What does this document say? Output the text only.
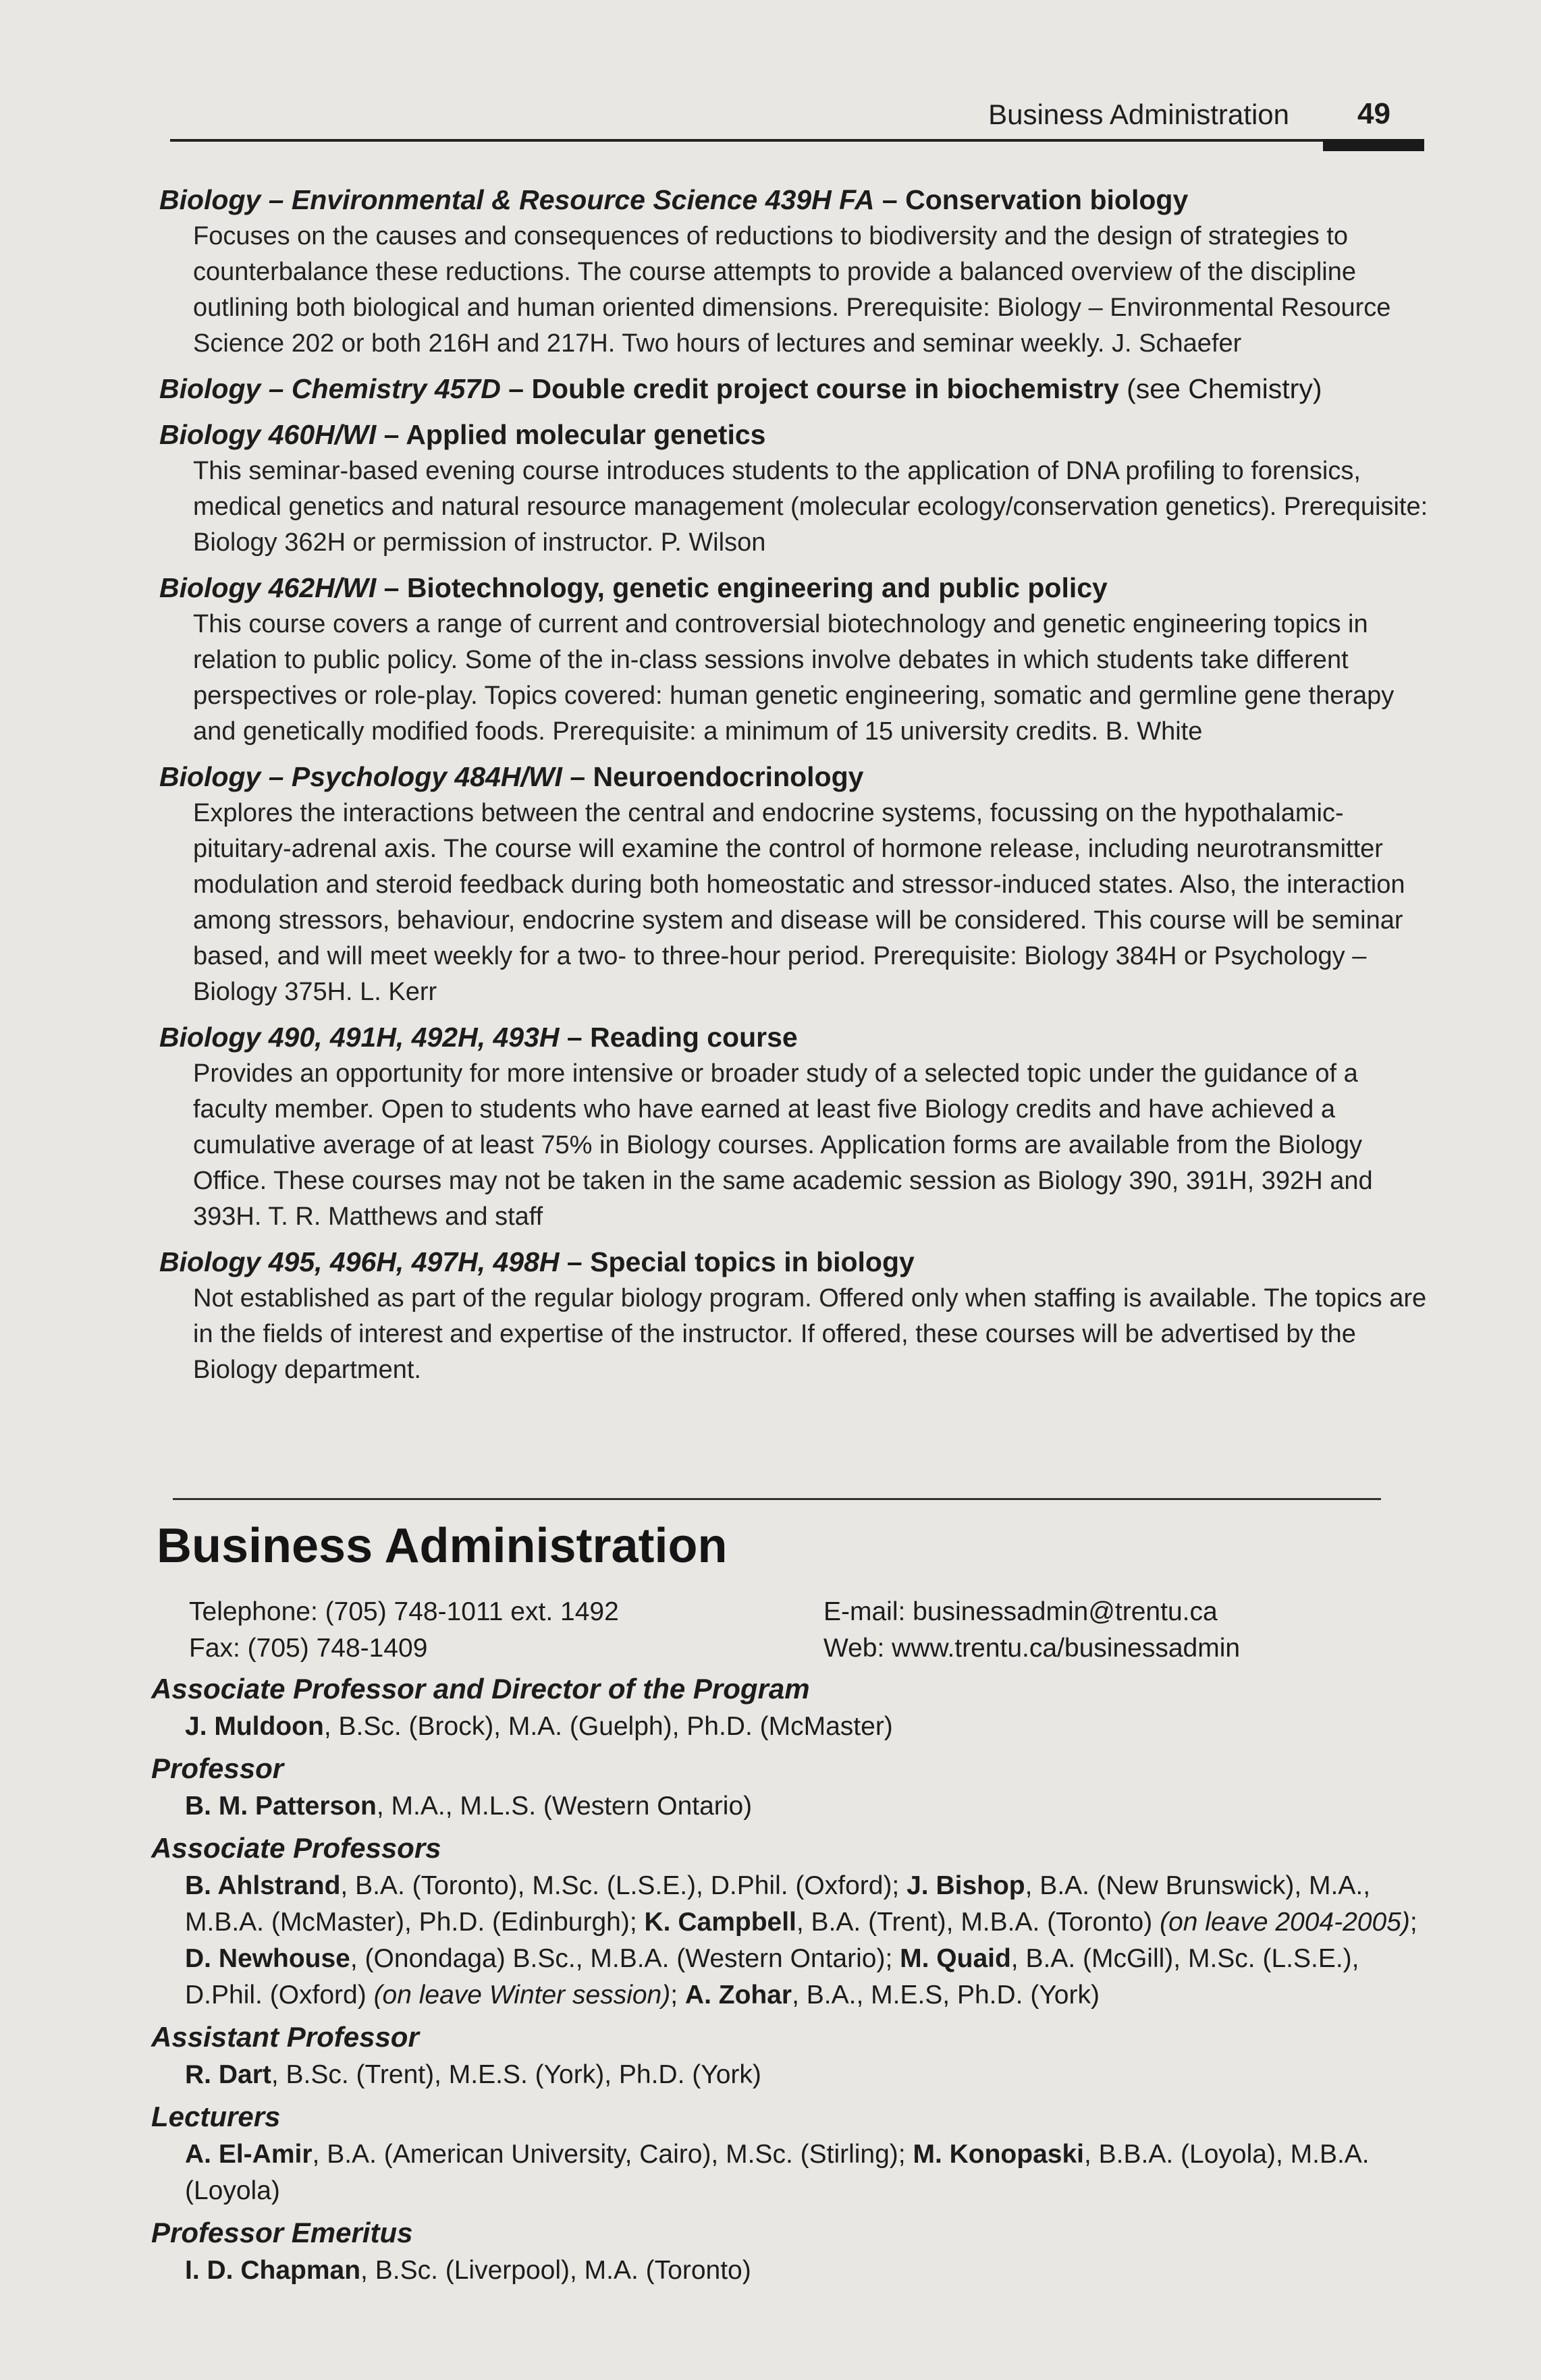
Business Administration 49
Biology – Environmental & Resource Science 439H FA – Conservation biology
Focuses on the causes and consequences of reductions to biodiversity and the design of strategies to counterbalance these reductions. The course attempts to provide a balanced overview of the discipline outlining both biological and human oriented dimensions. Prerequisite: Biology – Environmental Resource Science 202 or both 216H and 217H. Two hours of lectures and seminar weekly. J. Schaefer
Biology – Chemistry 457D – Double credit project course in biochemistry (see Chemistry)
Biology 460H/WI – Applied molecular genetics
This seminar-based evening course introduces students to the application of DNA profiling to forensics, medical genetics and natural resource management (molecular ecology/conservation genetics). Prerequisite: Biology 362H or permission of instructor. P. Wilson
Biology 462H/WI – Biotechnology, genetic engineering and public policy
This course covers a range of current and controversial biotechnology and genetic engineering topics in relation to public policy. Some of the in-class sessions involve debates in which students take different perspectives or role-play. Topics covered: human genetic engineering, somatic and germline gene therapy and genetically modified foods. Prerequisite: a minimum of 15 university credits. B. White
Biology – Psychology 484H/WI – Neuroendocrinology
Explores the interactions between the central and endocrine systems, focussing on the hypothalamic-pituitary-adrenal axis. The course will examine the control of hormone release, including neurotransmitter modulation and steroid feedback during both homeostatic and stressor-induced states. Also, the interaction among stressors, behaviour, endocrine system and disease will be considered. This course will be seminar based, and will meet weekly for a two- to three-hour period. Prerequisite: Biology 384H or Psychology – Biology 375H. L. Kerr
Biology 490, 491H, 492H, 493H – Reading course
Provides an opportunity for more intensive or broader study of a selected topic under the guidance of a faculty member. Open to students who have earned at least five Biology credits and have achieved a cumulative average of at least 75% in Biology courses. Application forms are available from the Biology Office. These courses may not be taken in the same academic session as Biology 390, 391H, 392H and 393H. T. R. Matthews and staff
Biology 495, 496H, 497H, 498H – Special topics in biology
Not established as part of the regular biology program. Offered only when staffing is available. The topics are in the fields of interest and expertise of the instructor. If offered, these courses will be advertised by the Biology department.
Business Administration
Telephone: (705) 748-1011 ext. 1492
Fax: (705) 748-1409
E-mail: businessadmin@trentu.ca
Web: www.trentu.ca/businessadmin
Associate Professor and Director of the Program
J. Muldoon, B.Sc. (Brock), M.A. (Guelph), Ph.D. (McMaster)
Professor
B. M. Patterson, M.A., M.L.S. (Western Ontario)
Associate Professors
B. Ahlstrand, B.A. (Toronto), M.Sc. (L.S.E.), D.Phil. (Oxford); J. Bishop, B.A. (New Brunswick), M.A., M.B.A. (McMaster), Ph.D. (Edinburgh); K. Campbell, B.A. (Trent), M.B.A. (Toronto) (on leave 2004-2005); D. Newhouse, (Onondaga) B.Sc., M.B.A. (Western Ontario); M. Quaid, B.A. (McGill), M.Sc. (L.S.E.), D.Phil. (Oxford) (on leave Winter session); A. Zohar, B.A., M.E.S, Ph.D. (York)
Assistant Professor
R. Dart, B.Sc. (Trent), M.E.S. (York), Ph.D. (York)
Lecturers
A. El-Amir, B.A. (American University, Cairo), M.Sc. (Stirling); M. Konopaski, B.B.A. (Loyola), M.B.A. (Loyola)
Professor Emeritus
I. D. Chapman, B.Sc. (Liverpool), M.A. (Toronto)
